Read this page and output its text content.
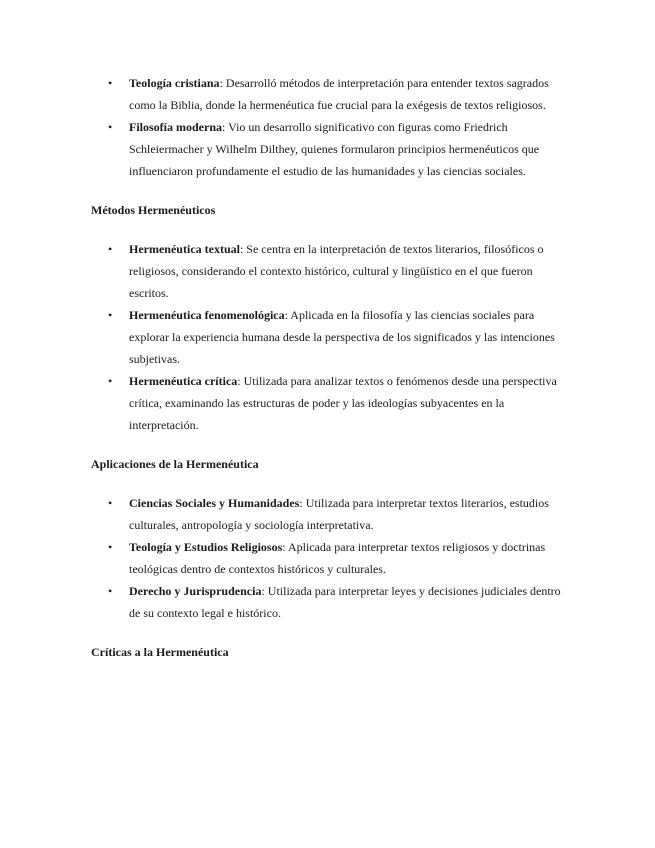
• Teología cristiana: Desarrolló métodos de interpretación para entender textos sagrados como la Biblia, donde la hermenéutica fue crucial para la exégesis de textos religiosos.
• Filosofía moderna: Vio un desarrollo significativo con figuras como Friedrich Schleiermacher y Wilhelm Dilthey, quienes formularon principios hermenéuticos que influenciaron profundamente el estudio de las humanidades y las ciencias sociales.
Métodos Hermenéuticos
• Hermenéutica textual: Se centra en la interpretación de textos literarios, filosóficos o religiosos, considerando el contexto histórico, cultural y lingüístico en el que fueron escritos.
• Hermenéutica fenomenológica: Aplicada en la filosofía y las ciencias sociales para explorar la experiencia humana desde la perspectiva de los significados y las intenciones subjetivas.
• Hermenéutica crítica: Utilizada para analizar textos o fenómenos desde una perspectiva crítica, examinando las estructuras de poder y las ideologías subyacentes en la interpretación.
Aplicaciones de la Hermenéutica
• Ciencias Sociales y Humanidades: Utilizada para interpretar textos literarios, estudios culturales, antropología y sociología interpretativa.
• Teología y Estudios Religiosos: Aplicada para interpretar textos religiosos y doctrinas teológicas dentro de contextos históricos y culturales.
• Derecho y Jurisprudencia: Utilizada para interpretar leyes y decisiones judiciales dentro de su contexto legal e histórico.
Críticas a la Hermenéutica
